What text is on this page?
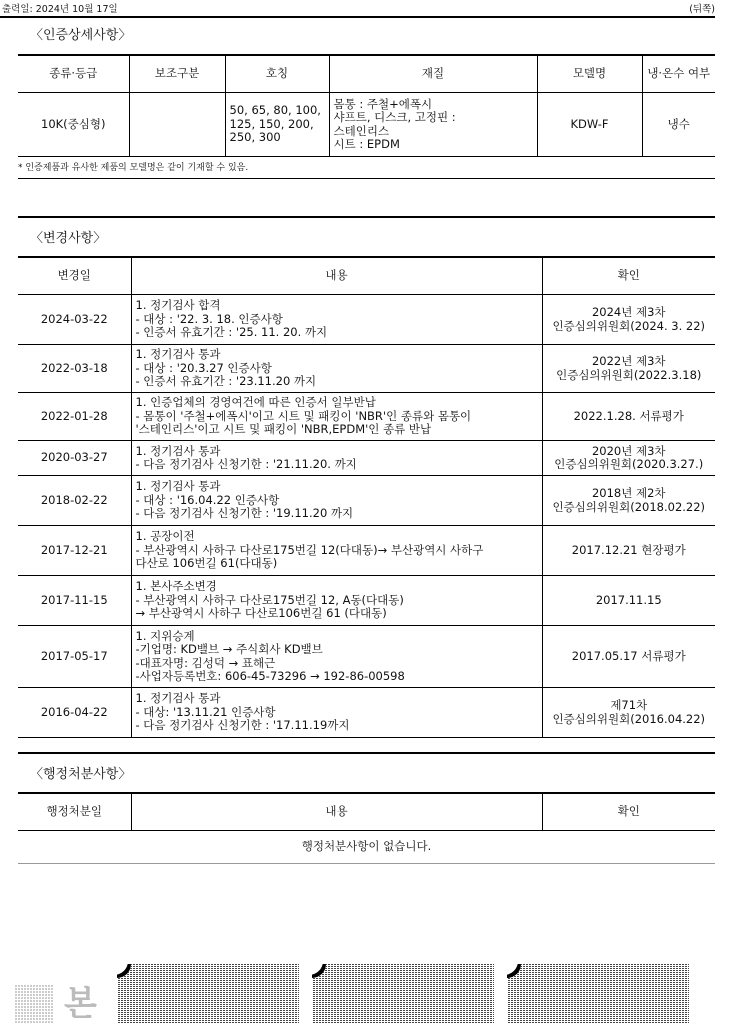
출력일: 2024년 10월 17일	(뒤쪽)
〈인증상세사항〉
종류·등급	보조구분	호칭	재질	모델명	냉·온수 여부
10K(중심형)		50, 65, 80, 100,
125, 150, 200,
250, 300	몸통 : 주철+에폭시
샤프트, 디스크, 고정핀 :
스테인리스
시트 : EPDM	KDW-F	냉수
* 인증제품과 유사한 제품의 모델명은 같이 기재할 수 있음.
〈변경사항〉
변경일	내용	확인
2024-03-22	1. 정기검사 합격
- 대상 : '22. 3. 18. 인증사항
- 인증서 유효기간 : '25. 11. 20. 까지	2024년 제3차
인증심의위원회(2024. 3. 22)
2022-03-18	1. 정기검사 통과
- 대상 : '20.3.27 인증사항
- 인증서 유효기간 : '23.11.20 까지	2022년 제3차
인증심의위원회(2022.3.18)
2022-01-28	1. 인증업체의 경영여건에 따른 인증서 일부반납
- 몸통이 '주철+에폭시'이고 시트 및 패킹이 'NBR'인 종류와 몸통이
'스테인리스'이고 시트 및 패킹이 'NBR,EPDM'인 종류 반납	2022.1.28. 서류평가
2020-03-27	1. 정기검사 통과
- 다음 정기검사 신청기한 : '21.11.20. 까지	2020년 제3차
인증심의위원회(2020.3.27.)
2018-02-22	1. 정기검사 통과
- 대상 : '16.04.22 인증사항
- 다음 정기검사 신청기한 : '19.11.20 까지	2018년 제2차
인증심의위원회(2018.02.22)
2017-12-21	1. 공장이전
- 부산광역시 사하구 다산로175번길 12(다대동)→ 부산광역시 사하구
다산로 106번길 61(다대동)	2017.12.21 현장평가
2017-11-15	1. 본사주소변경
- 부산광역시 사하구 다산로175번길 12, A동(다대동)
→ 부산광역시 사하구 다산로106번길 61 (다대동)	2017.11.15
2017-05-17	1. 지위승계
-기업명: KD밸브 → 주식회사 KD밸브
-대표자명: 김성덕 → 표해근
-사업자등록번호: 606-45-73296 → 192-86-00598	2017.05.17 서류평가
2016-04-22	1. 정기검사 통과
- 대상: '13.11.21 인증사항
- 다음 정기검사 신청기한 : '17.11.19까지	제71차
인증심의위원회(2016.04.22)
〈행정처분사항〉
행정처분일	내용	확인
행정처분사항이 없습니다.
본
